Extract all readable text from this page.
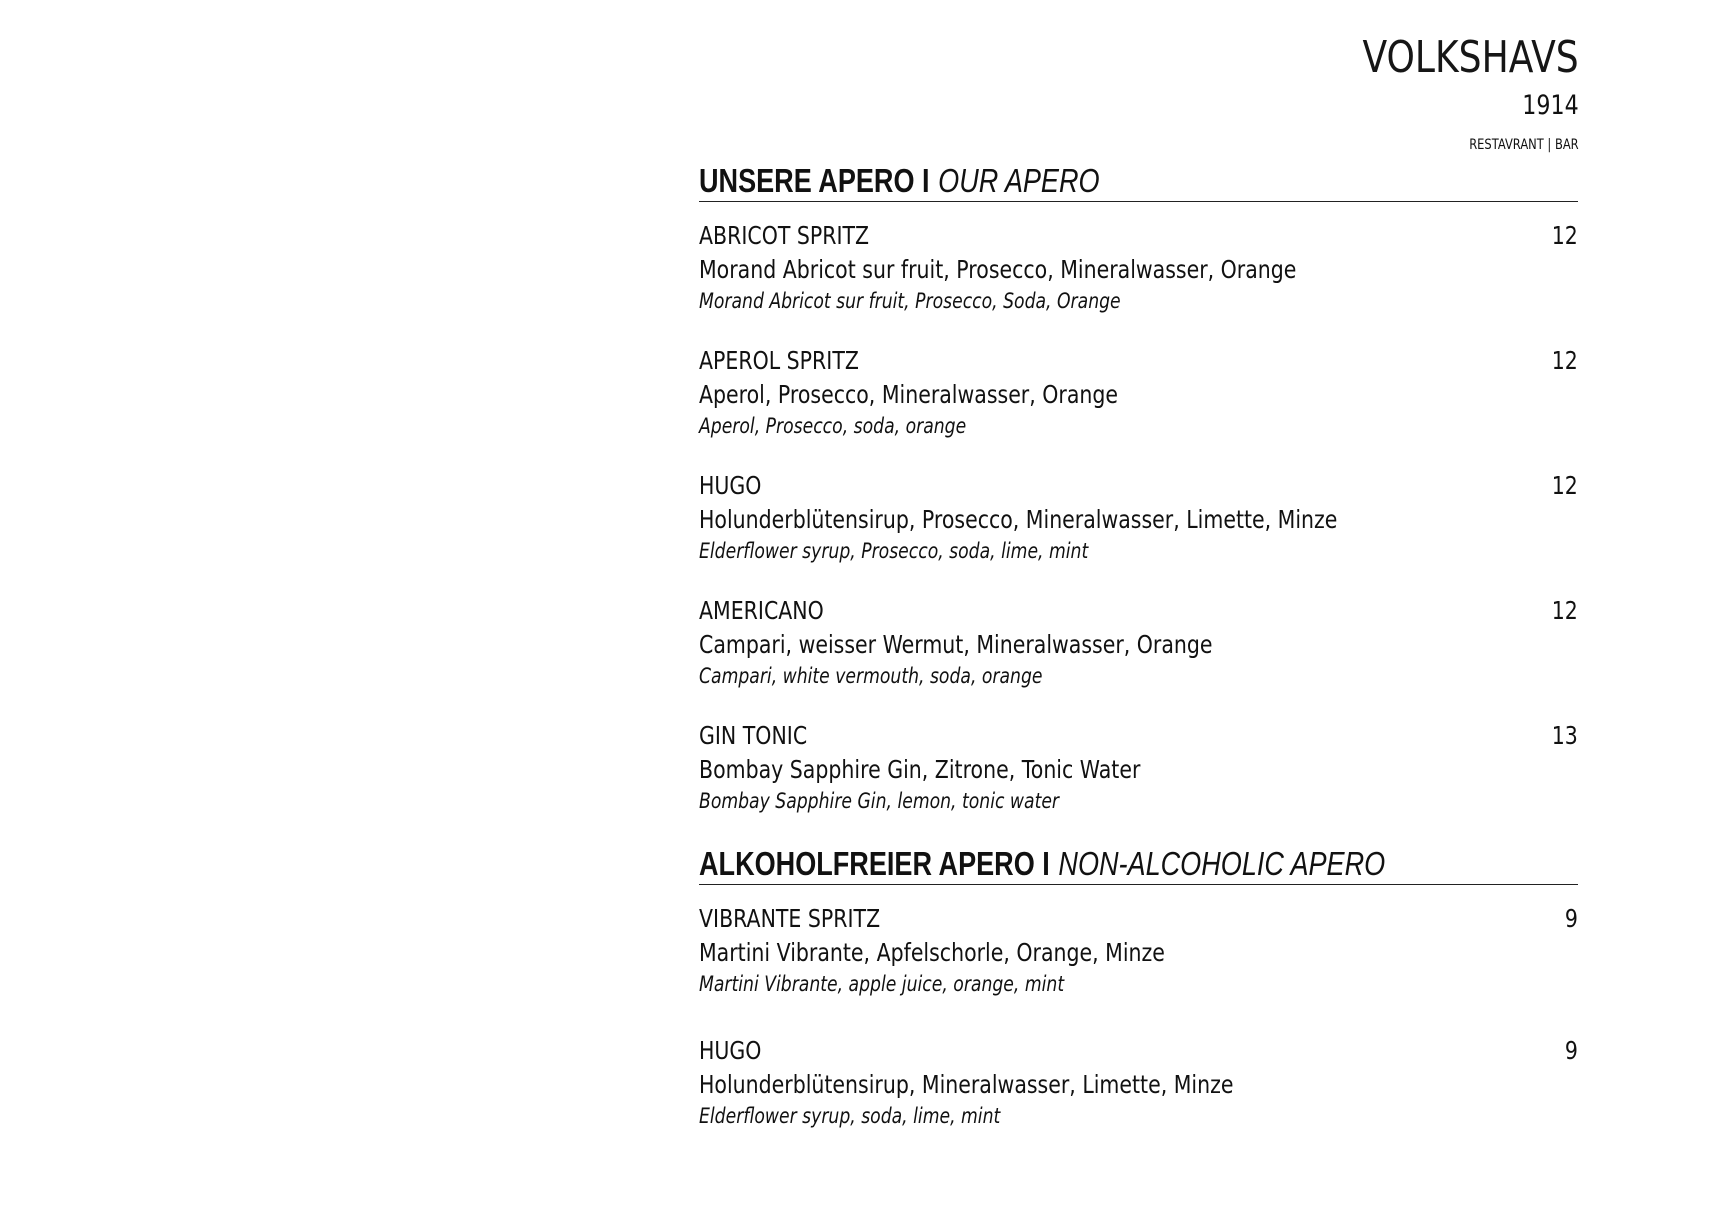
VOLKSHAVS
1914
RESTAVRANT | BAR
UNSERE APERO I OUR APERO
ABRICOT SPRITZ	12
Morand Abricot sur fruit, Prosecco, Mineralwasser, Orange
Morand Abricot sur fruit, Prosecco, Soda, Orange
APEROL SPRITZ	12
Aperol, Prosecco, Mineralwasser, Orange
Aperol, Prosecco, soda, orange
HUGO	12
Holunderblütensirup, Prosecco, Mineralwasser, Limette, Minze
Elderflower syrup, Prosecco, soda, lime, mint
AMERICANO	12
Campari, weisser Wermut, Mineralwasser, Orange
Campari, white vermouth, soda, orange
GIN TONIC	13
Bombay Sapphire Gin, Zitrone, Tonic Water
Bombay Sapphire Gin, lemon, tonic water
ALKOHOLFREIER APERO I NON-ALCOHOLIC APERO
VIBRANTE SPRITZ	9
Martini Vibrante, Apfelschorle, Orange, Minze
Martini Vibrante, apple juice, orange, mint
HUGO	9
Holunderblütensirup, Mineralwasser, Limette, Minze
Elderflower syrup, soda, lime, mint
